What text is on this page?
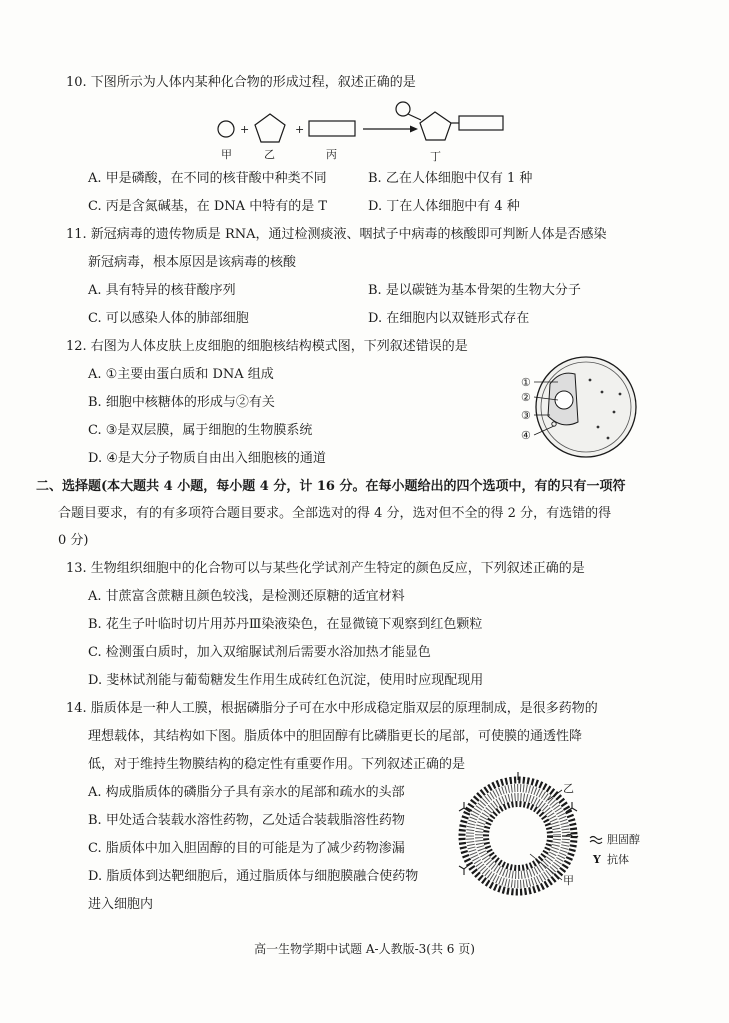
10. 下图所示为人体内某种化合物的形成过程，叙述正确的是
+	+
甲	乙	丙	丁
A. 甲是磷酸，在不同的核苷酸中种类不同	B. 乙在人体细胞中仅有 1 种
C. 丙是含氮碱基，在 DNA 中特有的是 T	D. 丁在人体细胞中有 4 种
11. 新冠病毒的遗传物质是 RNA，通过检测痰液、咽拭子中病毒的核酸即可判断人体是否感染
新冠病毒，根本原因是该病毒的核酸
A. 具有特异的核苷酸序列	B. 是以碳链为基本骨架的生物大分子
C. 可以感染人体的肺部细胞	D. 在细胞内以双链形式存在
12. 右图为人体皮肤上皮细胞的细胞核结构模式图，下列叙述错误的是
A. ①主要由蛋白质和 DNA 组成
B. 细胞中核糖体的形成与②有关
C. ③是双层膜，属于细胞的生物膜系统
D. ④是大分子物质自由出入细胞核的通道
①
②
③
④
二、选择题(本大题共 4 小题，每小题 4 分，计 16 分。在每小题给出的四个选项中，有的只有一项符
合题目要求，有的有多项符合题目要求。全部选对的得 4 分，选对但不全的得 2 分，有选错的得
0 分)
13. 生物组织细胞中的化合物可以与某些化学试剂产生特定的颜色反应，下列叙述正确的是
A. 甘蔗富含蔗糖且颜色较浅，是检测还原糖的适宜材料
B. 花生子叶临时切片用苏丹Ⅲ染液染色，在显微镜下观察到红色颗粒
C. 检测蛋白质时，加入双缩脲试剂后需要水浴加热才能显色
D. 斐林试剂能与葡萄糖发生作用生成砖红色沉淀，使用时应现配现用
14. 脂质体是一种人工膜，根据磷脂分子可在水中形成稳定脂双层的原理制成，是很多药物的
理想载体，其结构如下图。脂质体中的胆固醇有比磷脂更长的尾部，可使膜的通透性降
低，对于维持生物膜结构的稳定性有重要作用。下列叙述正确的是
A. 构成脂质体的磷脂分子具有亲水的尾部和疏水的头部
B. 甲处适合装载水溶性药物，乙处适合装载脂溶性药物
C. 脂质体中加入胆固醇的目的可能是为了减少药物渗漏
D. 脂质体到达靶细胞后，通过脂质体与细胞膜融合使药物
进入细胞内
乙
甲
胆固醇
Y 抗体
高一生物学期中试题 A-人教版-3(共 6 页)
